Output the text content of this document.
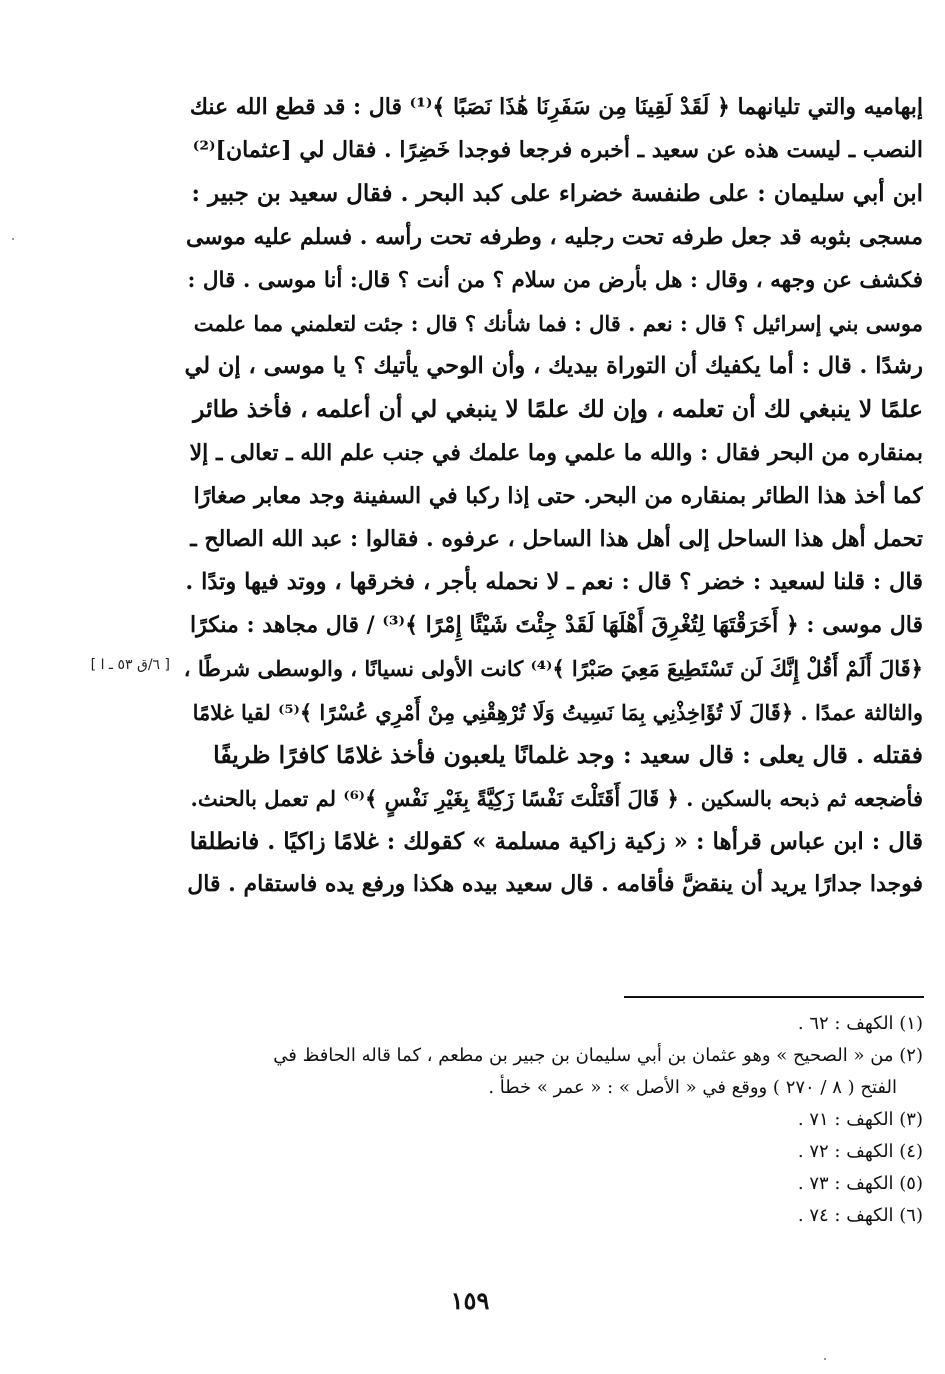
إبهاميه والتي تليانهما ﴿ لَقَدْ لَقِينَا مِن سَفَرِنَا هَٰذَا نَصَبًا ﴾⁽¹⁾ قال : قد قطع الله عنك
النصب ـ ليست هذه عن سعيد ـ أخبره فرجعا فوجدا خَضِرًا . فقال لي [عثمان]⁽²⁾
ابن أبي سليمان : على طنفسة خضراء على كبد البحر . فقال سعيد بن جبير :
مسجى بثوبه قد جعل طرفه تحت رجليه ، وطرفه تحت رأسه . فسلم عليه موسى
فكشف عن وجهه ، وقال : هل بأرض من سلام ؟ من أنت ؟ قال: أنا موسى . قال :
موسى بني إسرائيل ؟ قال : نعم . قال : فما شأنك ؟ قال : جئت لتعلمني مما علمت
رشدًا . قال : أما يكفيك أن التوراة بيديك ، وأن الوحي يأتيك ؟ يا موسى ، إن لي
علمًا لا ينبغي لك أن تعلمه ، وإن لك علمًا لا ينبغي لي أن أعلمه ، فأخذ طائر
بمنقاره من البحر فقال : والله ما علمي وما علمك في جنب علم الله ـ تعالى ـ إلا
كما أخذ هذا الطائر بمنقاره من البحر. حتى إذا ركبا في السفينة وجد معابر صغارًا
تحمل أهل هذا الساحل إلى أهل هذا الساحل ، عرفوه . فقالوا : عبد الله الصالح ـ
قال : قلنا لسعيد : خضر ؟ قال : نعم ـ لا نحمله بأجر ، فخرقها ، ووتد فيها وتدًا .
قال موسى : ﴿ أَخَرَقْتَهَا لِتُغْرِقَ أَهْلَهَا لَقَدْ جِئْتَ شَيْئًا إِمْرًا ﴾⁽³⁾ / قال مجاهد : منكرًا
﴿قَالَ أَلَمْ أَقُلْ إِنَّكَ لَن تَسْتَطِيعَ مَعِيَ صَبْرًا ﴾⁽⁴⁾ كانت الأولى نسيانًا ، والوسطى شرطًا ،
والثالثة عمدًا . ﴿قَالَ لَا تُؤَاخِذْنِي بِمَا نَسِيتُ وَلَا تُرْهِقْنِي مِنْ أَمْرِي عُسْرًا ﴾⁽⁵⁾ لقيا غلامًا
فقتله . قال يعلى : قال سعيد : وجد غلمانًا يلعبون فأخذ غلامًا كافرًا ظريفًا
فأضجعه ثم ذبحه بالسكين . ﴿ قَالَ أَقَتَلْتَ نَفْسًا زَكِيَّةً بِغَيْرِ نَفْسٍ ﴾⁽⁶⁾ لم تعمل بالحنث.
قال : ابن عباس قرأها : « زكية زاكية مسلمة » كقولك : غلامًا زاكيًا . فانطلقا
فوجدا جدارًا يريد أن ينقضَّ فأقامه . قال سعيد بيده هكذا ورفع يده فاستقام . قال
[ ٦/ق ٥٣ ـ ا ]
(١) الكهف : ٦٢ .
(٢) من « الصحيح » وهو عثمان بن أبي سليمان بن جبير بن مطعم ، كما قاله الحافظ في
الفتح ( ٨ / ٢٧٠ ) ووقع في « الأصل » : « عمر » خطأ .
(٣) الكهف : ٧١ .
(٤) الكهف : ٧٢ .
(٥) الكهف : ٧٣ .
(٦) الكهف : ٧٤ .
١٥٩
